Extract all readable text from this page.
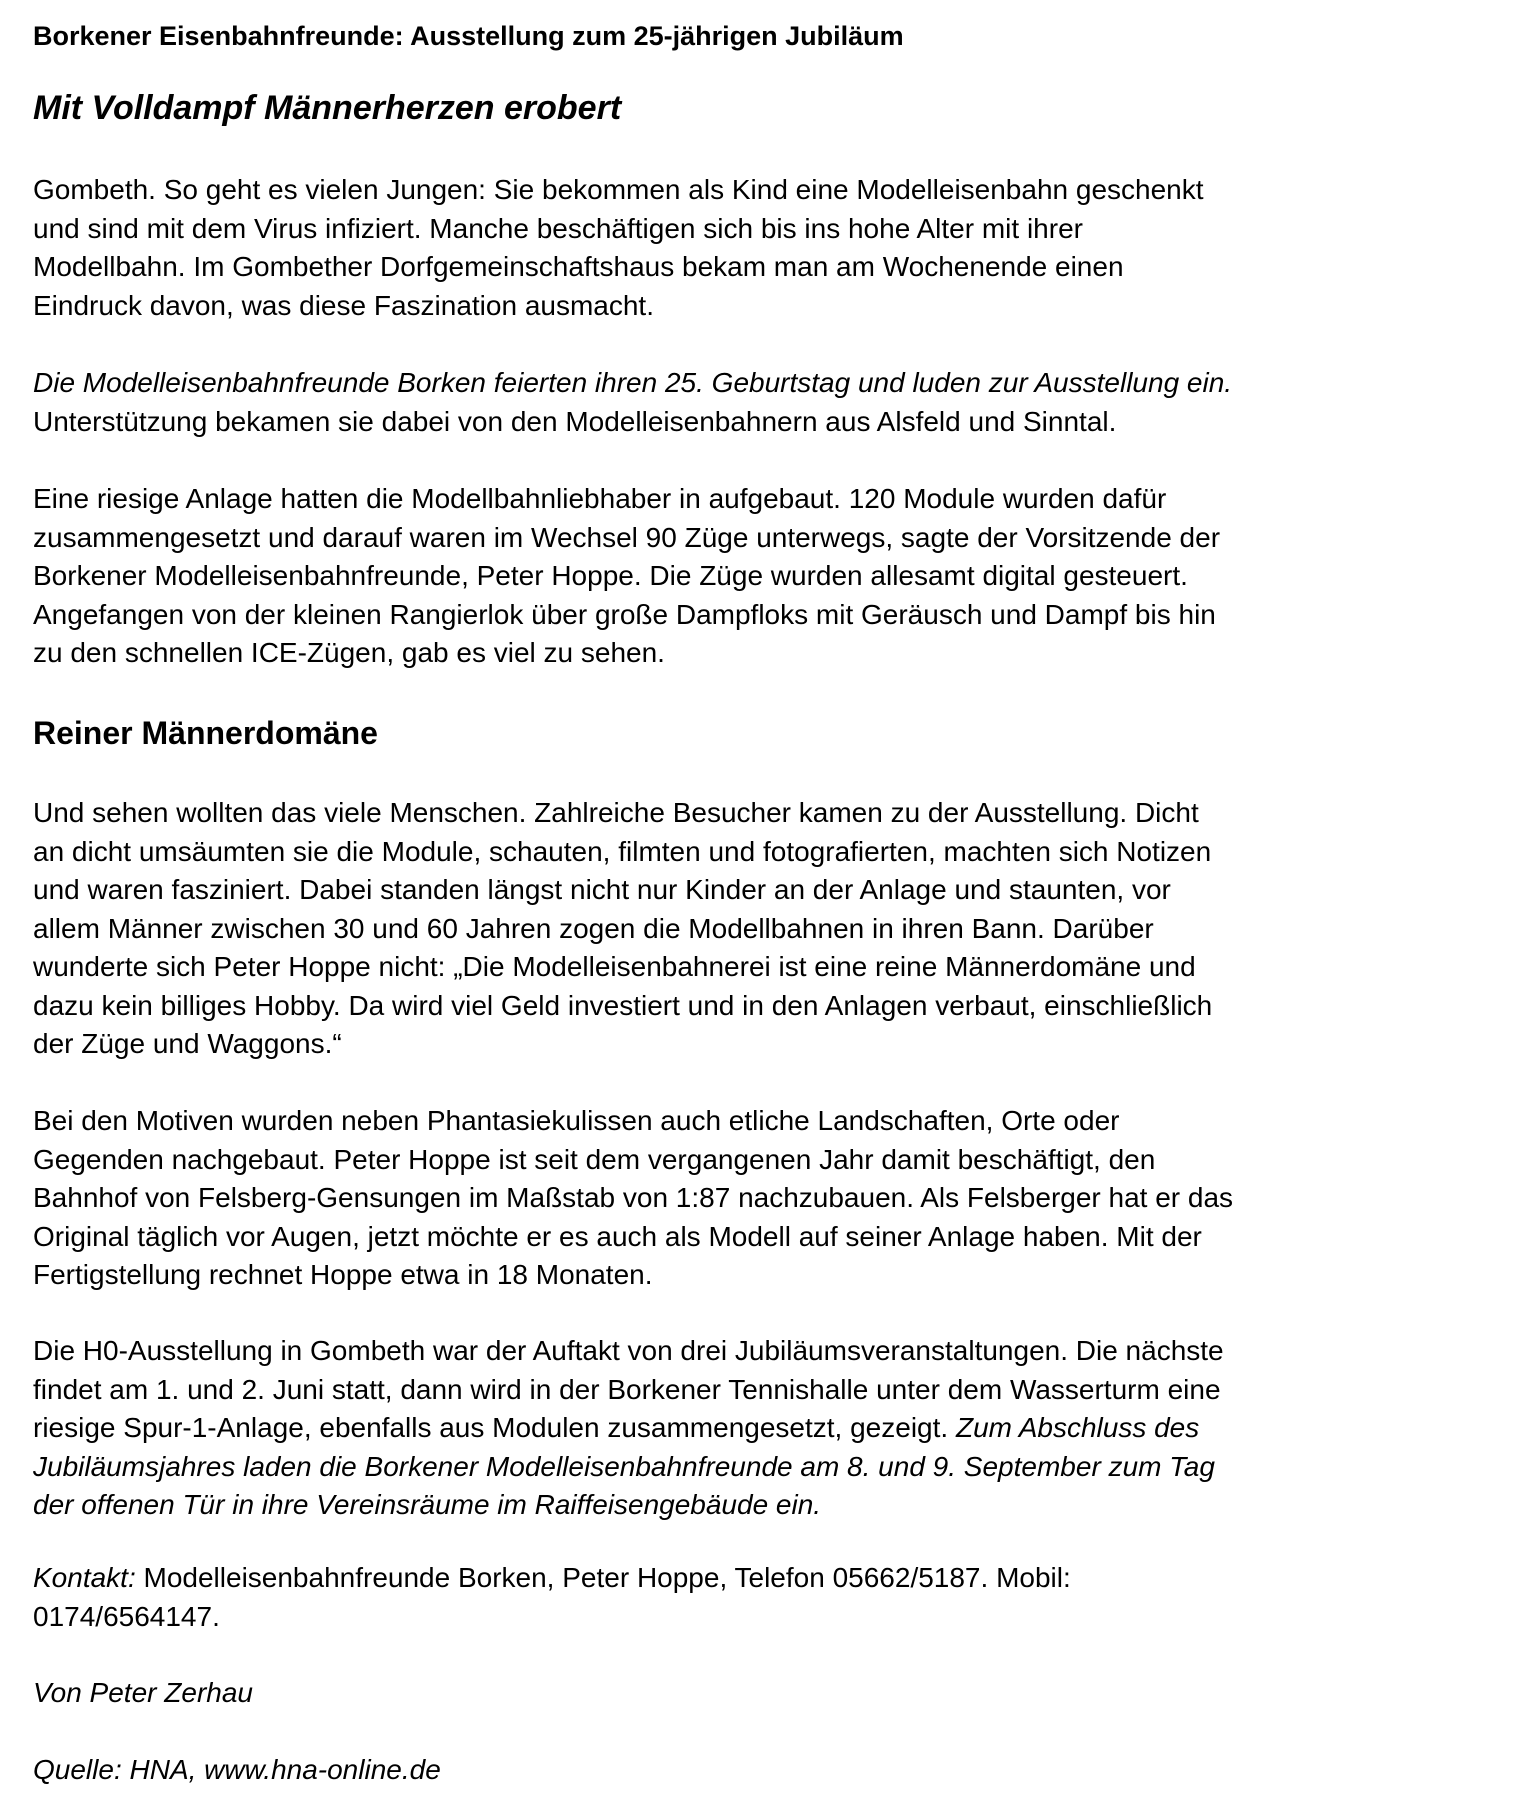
Borkener Eisenbahnfreunde: Ausstellung zum 25-jährigen Jubiläum
Mit Volldampf Männerherzen erobert

Gombeth. So geht es vielen Jungen: Sie bekommen als Kind eine Modelleisenbahn geschenkt
und sind mit dem Virus infiziert. Manche beschäftigen sich bis ins hohe Alter mit ihrer
Modellbahn. Im Gombether Dorfgemeinschaftshaus bekam man am Wochenende einen
Eindruck davon, was diese Faszination ausmacht.

Die Modelleisenbahnfreunde Borken feierten ihren 25. Geburtstag und luden zur Ausstellung ein.
Unterstützung bekamen sie dabei von den Modelleisenbahnern aus Alsfeld und Sinntal.

Eine riesige Anlage hatten die Modellbahnliebhaber in aufgebaut. 120 Module wurden dafür
zusammengesetzt und darauf waren im Wechsel 90 Züge unterwegs, sagte der Vorsitzende der
Borkener Modelleisenbahnfreunde, Peter Hoppe. Die Züge wurden allesamt digital gesteuert.
Angefangen von der kleinen Rangierlok über große Dampfloks mit Geräusch und Dampf bis hin
zu den schnellen ICE-Zügen, gab es viel zu sehen.

Reiner Männerdomäne

Und sehen wollten das viele Menschen. Zahlreiche Besucher kamen zu der Ausstellung. Dicht
an dicht umsäumten sie die Module, schauten, filmten und fotografierten, machten sich Notizen
und waren fasziniert. Dabei standen längst nicht nur Kinder an der Anlage und staunten, vor
allem Männer zwischen 30 und 60 Jahren zogen die Modellbahnen in ihren Bann. Darüber
wunderte sich Peter Hoppe nicht: „Die Modelleisenbahnerei ist eine reine Männerdomäne und
dazu kein billiges Hobby. Da wird viel Geld investiert und in den Anlagen verbaut, einschließlich
der Züge und Waggons.“

Bei den Motiven wurden neben Phantasiekulissen auch etliche Landschaften, Orte oder
Gegenden nachgebaut. Peter Hoppe ist seit dem vergangenen Jahr damit beschäftigt, den
Bahnhof von Felsberg-Gensungen im Maßstab von 1:87 nachzubauen. Als Felsberger hat er das
Original täglich vor Augen, jetzt möchte er es auch als Modell auf seiner Anlage haben. Mit der
Fertigstellung rechnet Hoppe etwa in 18 Monaten.

Die H0-Ausstellung in Gombeth war der Auftakt von drei Jubiläumsveranstaltungen. Die nächste
findet am 1. und 2. Juni statt, dann wird in der Borkener Tennishalle unter dem Wasserturm eine
riesige Spur-1-Anlage, ebenfalls aus Modulen zusammengesetzt, gezeigt. Zum Abschluss des
Jubiläumsjahres laden die Borkener Modelleisenbahnfreunde am 8. und 9. September zum Tag
der offenen Tür in ihre Vereinsräume im Raiffeisengebäude ein.

Kontakt: Modelleisenbahnfreunde Borken, Peter Hoppe, Telefon 05662/5187. Mobil:
0174/6564147.

Von Peter Zerhau

Quelle: HNA, www.hna-online.de
